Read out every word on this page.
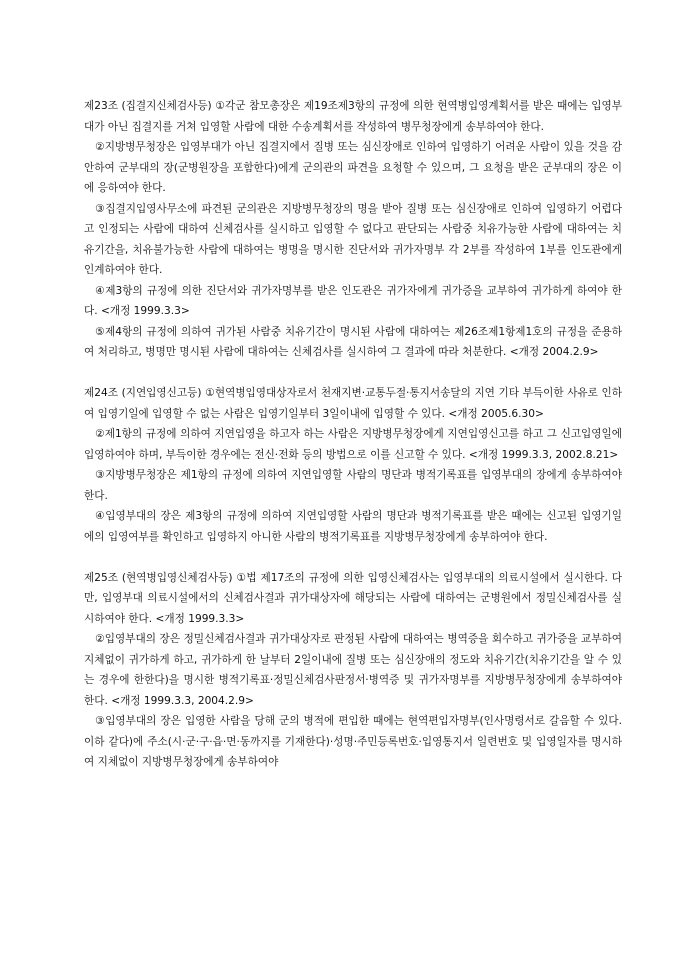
제23조 (집결지신체검사등) ①각군 참모총장은 제19조제3항의 규정에 의한 현역병입영계획서를 받은 때에는 입영부대가 아닌 집결지를 거쳐 입영할 사람에 대한 수송계획서를 작성하여 병무청장에게 송부하여야 한다.

②지방병무청장은 입영부대가 아닌 집결지에서 질병 또는 심신장애로 인하여 입영하기 어려운 사람이 있을 것을 감안하여 군부대의 장(군병원장을 포함한다)에게 군의관의 파견을 요청할 수 있으며, 그 요청을 받은 군부대의 장은 이에 응하여야 한다.

③집결지입영사무소에 파견된 군의관은 지방병무청장의 명을 받아 질병 또는 심신장애로 인하여 입영하기 어렵다고 인정되는 사람에 대하여 신체검사를 실시하고 입영할 수 없다고 판단되는 사람중 치유가능한 사람에 대하여는 치유기간을, 치유불가능한 사람에 대하여는 병명을 명시한 진단서와 귀가자명부 각 2부를 작성하여 1부를 인도관에게 인계하여야 한다.

④제3항의 규정에 의한 진단서와 귀가자명부를 받은 인도관은 귀가자에게 귀가증을 교부하여 귀가하게 하여야 한다. <개정 1999.3.3>

⑤제4항의 규정에 의하여 귀가된 사람중 치유기간이 명시된 사람에 대하여는 제26조제1항제1호의 규정을 준용하여 처리하고, 병명만 명시된 사람에 대하여는 신체검사를 실시하여 그 결과에 따라 처분한다. <개정 2004.2.9>

제24조 (지연입영신고등) ①현역병입영대상자로서 천재지변·교통두절·통지서송달의 지연 기타 부득이한 사유로 인하여 입영기일에 입영할 수 없는 사람은 입영기일부터 3일이내에 입영할 수 있다. <개정 2005.6.30>

②제1항의 규정에 의하여 지연입영을 하고자 하는 사람은 지방병무청장에게 지연입영신고를 하고 그 신고입영일에 입영하여야 하며, 부득이한 경우에는 전신·전화 등의 방법으로 이를 신고할 수 있다. <개정 1999.3.3, 2002.8.21>

③지방병무청장은 제1항의 규정에 의하여 지연입영할 사람의 명단과 병적기록표를 입영부대의 장에게 송부하여야 한다.

④입영부대의 장은 제3항의 규정에 의하여 지연입영할 사람의 명단과 병적기록표를 받은 때에는 신고된 입영기일에의 입영여부를 확인하고 입영하지 아니한 사람의 병적기록표를 지방병무청장에게 송부하여야 한다.

제25조 (현역병입영신체검사등) ①법 제17조의 규정에 의한 입영신체검사는 입영부대의 의료시설에서 실시한다. 다만, 입영부대 의료시설에서의 신체검사결과 귀가대상자에 해당되는 사람에 대하여는 군병원에서 정밀신체검사를 실시하여야 한다. <개정 1999.3.3>

②입영부대의 장은 정밀신체검사결과 귀가대상자로 판정된 사람에 대하여는 병역증을 회수하고 귀가증을 교부하여 지체없이 귀가하게 하고, 귀가하게 한 날부터 2일이내에 질병 또는 심신장애의 정도와 치유기간(치유기간을 알 수 있는 경우에 한한다)을 명시한 병적기록표·정밀신체검사판정서·병역증 및 귀가자명부를 지방병무청장에게 송부하여야 한다. <개정 1999.3.3, 2004.2.9>

③입영부대의 장은 입영한 사람을 당해 군의 병적에 편입한 때에는 현역편입자명부(인사명령서로 갈음할 수 있다. 이하 같다)에 주소(시·군·구·읍·면·동까지를 기재한다)·성명·주민등록번호·입영통지서 일련번호 및 입영일자를 명시하여 지체없이 지방병무청장에게 송부하여야
